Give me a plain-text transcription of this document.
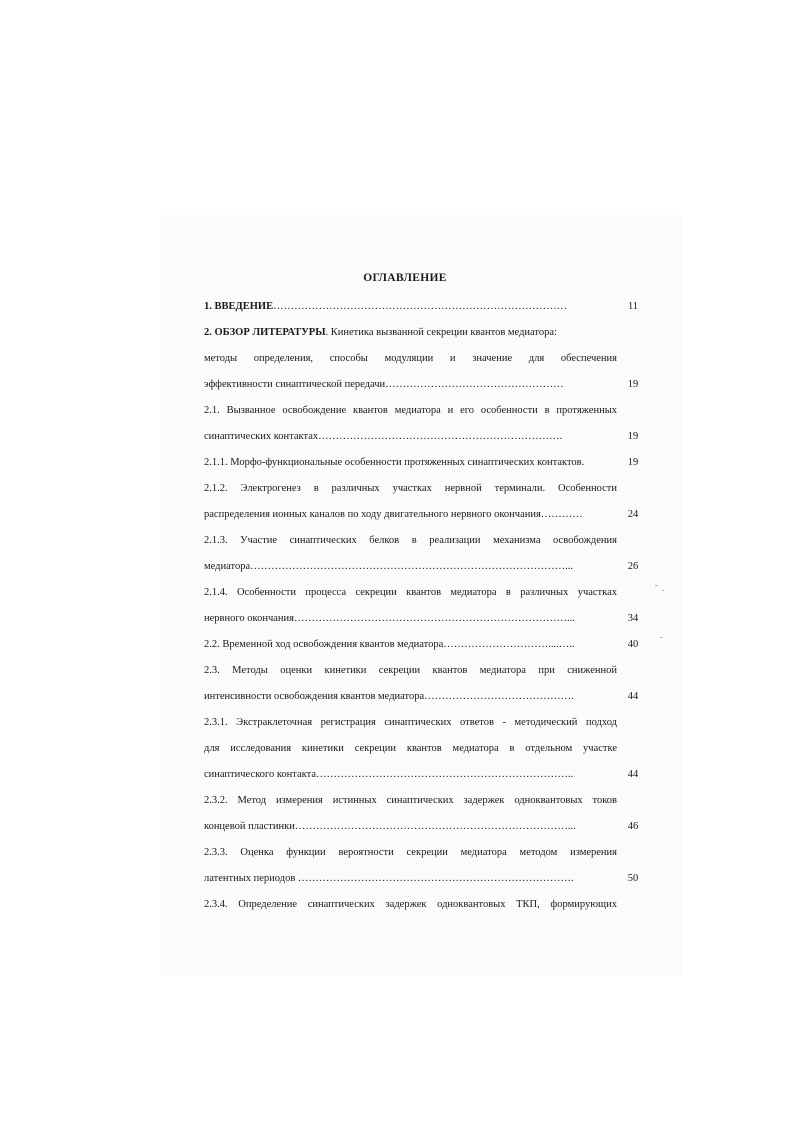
ОГЛАВЛЕНИЕ
1. ВВЕДЕНИЕ…………………………………………………………………………
2. ОБЗОР ЛИТЕРАТУРЫ. Кинетика вызванной секреции квантов медиатора:
методы определения, способы модуляции и значение для обеспечения
эффективности синаптической передачи……………………………………………
2.1. Вызванное освобождение квантов медиатора и его особенности в протяженных
синаптических контактах…………………………………………………………….
2.1.1. Морфо-функциональные особенности протяженных синаптических контактов.
2.1.2. Электрогенез в различных участках нервной терминали. Особенности
распределения ионных каналов по ходу двигательного нервного окончания…………
2.1.3. Участие синаптических белков в реализации механизма освобождения
медиатора………………………………………………………………………………...
2.1.4. Особенности процесса секреции квантов медиатора в различных участках
нервного окончания……………………………………………………………………...
2.2. Временной ход освобождения квантов медиатора…………………………....…..
2.3. Методы оценки кинетики секреции квантов медиатора при сниженной
интенсивности освобождения квантов медиатора…………………………………….
2.3.1. Экстраклеточная регистрация синаптических ответов - методический подход
для исследования кинетики секреции квантов медиатора в отдельном участке
синаптического контакта………………………………………………………………..
2.3.2. Метод измерения истинных синаптических задержек одноквантовых токов
концевой пластинки……………………………………………………………………...
2.3.3. Оценка функции вероятности секреции медиатора методом измерения
латентных периодов …………………………………………………………………….
2.3.4. Определение синаптических задержек одноквантовых ТКП, формирующих
11
19
19
19
24
26
34
40
44
44
46
50
